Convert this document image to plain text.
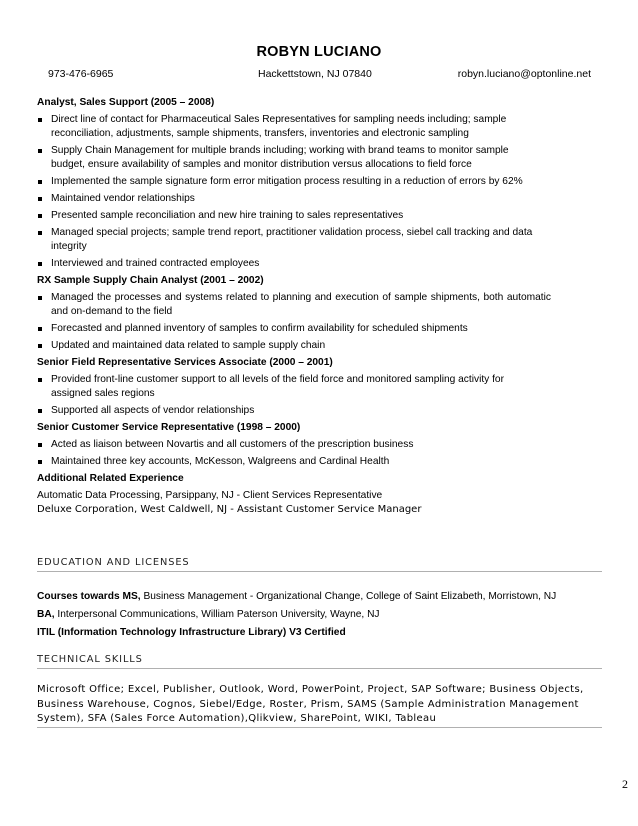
ROBYN LUCIANO
973-476-6965	Hackettstown, NJ 07840	robyn.luciano@optonline.net
Analyst, Sales Support (2005 – 2008)
Direct line of contact for Pharmaceutical Sales Representatives for sampling needs including; sample reconciliation, adjustments, sample shipments, transfers, inventories and electronic sampling
Supply Chain Management for multiple brands including; working with brand teams to monitor sample budget, ensure availability of samples and monitor distribution versus allocations to field force
Implemented the sample signature form error mitigation process resulting in a reduction of errors by 62%
Maintained vendor relationships
Presented sample reconciliation and new hire training to sales representatives
Managed special projects; sample trend report, practitioner validation process, siebel call tracking and data integrity
Interviewed and trained contracted employees
RX Sample Supply Chain Analyst (2001 – 2002)
Managed the processes and systems related to planning and execution of sample shipments, both automatic and on-demand to the field
Forecasted and planned inventory of samples to confirm availability for scheduled shipments
Updated and maintained data related to sample supply chain
Senior Field Representative Services Associate (2000 – 2001)
Provided front-line customer support to all levels of the field force and monitored sampling activity for assigned sales regions
Supported all aspects of vendor relationships
Senior Customer Service Representative (1998 – 2000)
Acted as liaison between Novartis and all customers of the prescription business
Maintained three key accounts, McKesson, Walgreens and Cardinal Health
Additional Related Experience

Automatic Data Processing, Parsippany, NJ - Client Services Representative

Deluxe Corporation, West Caldwell, NJ - Assistant Customer Service Manager

EDUCATION AND LICENSES

Courses towards MS, Business Management - Organizational Change, College of Saint Elizabeth, Morristown, NJ

BA, Interpersonal Communications, William Paterson University, Wayne, NJ

ITIL (Information Technology Infrastructure Library) V3 Certified

TECHNICAL SKILLS
Microsoft Office; Excel, Publisher, Outlook, Word, PowerPoint, Project, SAP Software; Business Objects, Business Warehouse, Cognos, Siebel/Edge, Roster, Prism, SAMS (Sample Administration Management System), SFA (Sales Force Automation),Qlikview, SharePoint, WIKI, Tableau
2
